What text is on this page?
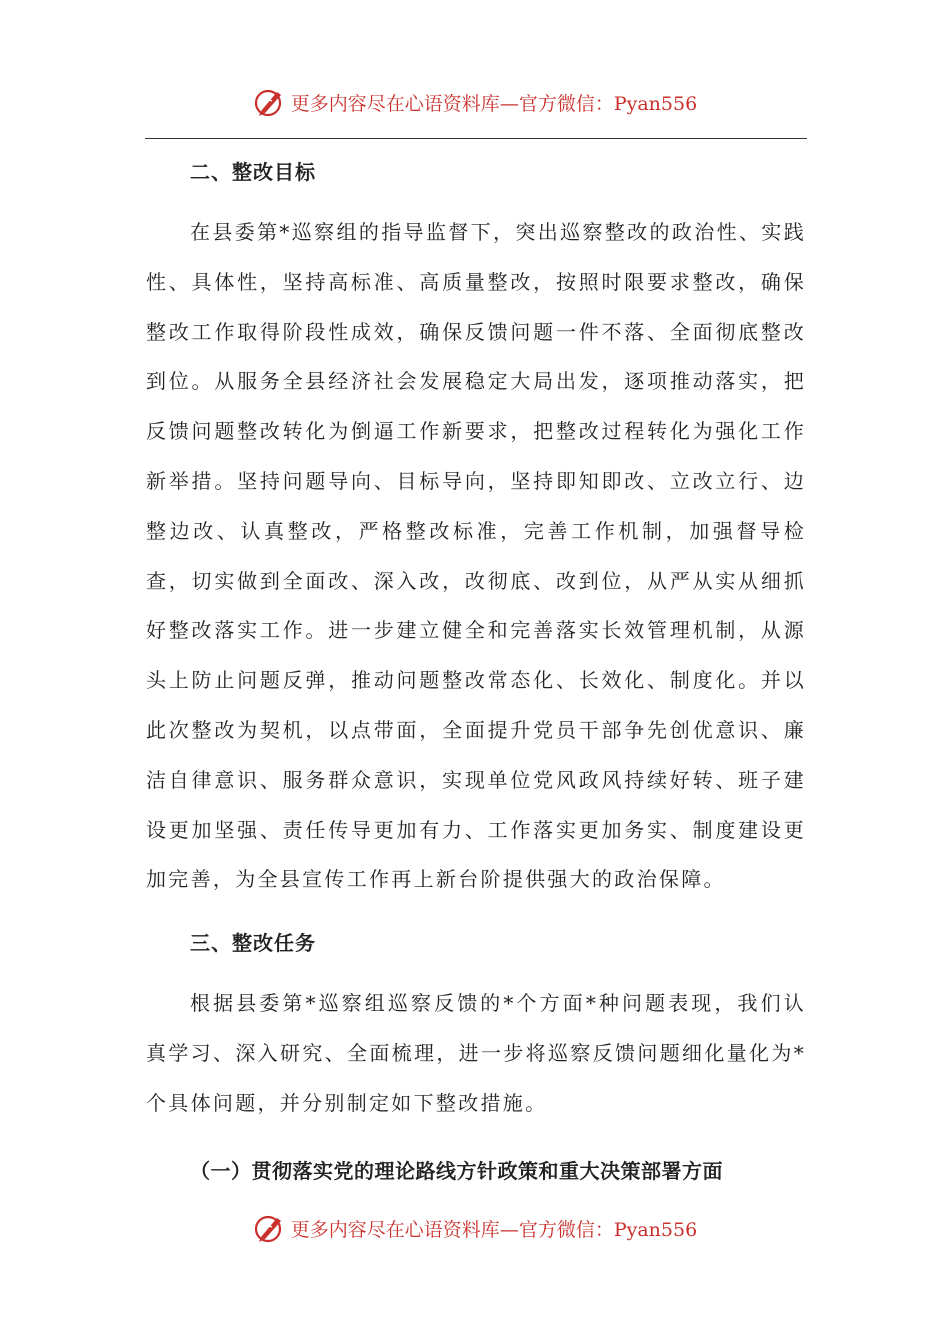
更多内容尽在心语资料库—官方微信：Pyan556

二、整改目标

在县委第*巡察组的指导监督下，突出巡察整改的政治性、实践性、具体性，坚持高标准、高质量整改，按照时限要求整改，确保整改工作取得阶段性成效，确保反馈问题一件不落、全面彻底整改到位。从服务全县经济社会发展稳定大局出发，逐项推动落实，把反馈问题整改转化为倒逼工作新要求，把整改过程转化为强化工作新举措。坚持问题导向、目标导向，坚持即知即改、立改立行、边整边改、认真整改，严格整改标准，完善工作机制，加强督导检查，切实做到全面改、深入改，改彻底、改到位，从严从实从细抓好整改落实工作。进一步建立健全和完善落实长效管理机制，从源头上防止问题反弹，推动问题整改常态化、长效化、制度化。并以此次整改为契机，以点带面，全面提升党员干部争先创优意识、廉洁自律意识、服务群众意识，实现单位党风政风持续好转、班子建设更加坚强、责任传导更加有力、工作落实更加务实、制度建设更加完善，为全县宣传工作再上新台阶提供强大的政治保障。

三、整改任务

根据县委第*巡察组巡察反馈的*个方面*种问题表现，我们认真学习、深入研究、全面梳理，进一步将巡察反馈问题细化量化为*个具体问题，并分别制定如下整改措施。

（一）贯彻落实党的理论路线方针政策和重大决策部署方面

更多内容尽在心语资料库—官方微信：Pyan556
